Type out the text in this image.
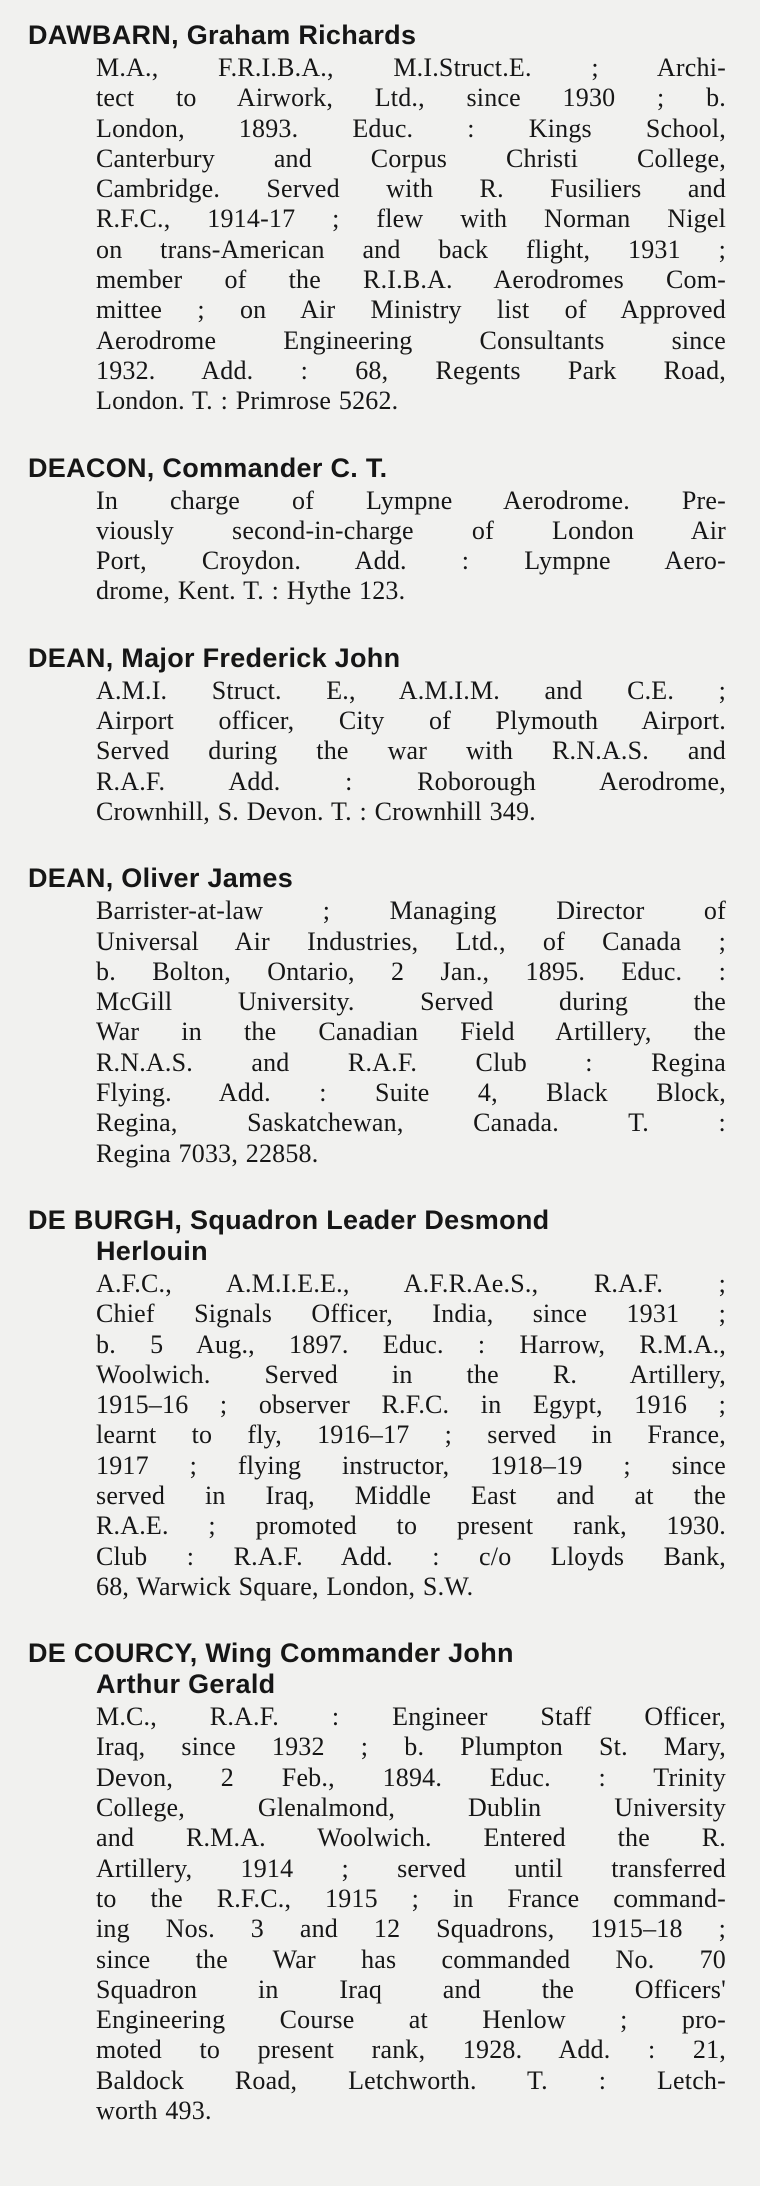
DAWBARN, Graham Richards
M.A., F.R.I.B.A., M.I.Struct.E. ; Archi-
tect to Airwork, Ltd., since 1930 ; b.
London, 1893. Educ. : Kings School,
Canterbury and Corpus Christi College,
Cambridge. Served with R. Fusiliers and
R.F.C., 1914-17 ; flew with Norman Nigel
on trans-American and back flight, 1931 ;
member of the R.I.B.A. Aerodromes Com-
mittee ; on Air Ministry list of Approved
Aerodrome Engineering Consultants since
1932. Add. : 68, Regents Park Road,
London. T. : Primrose 5262.
DEACON, Commander C. T.
In charge of Lympne Aerodrome. Pre-
viously second-in-charge of London Air
Port, Croydon. Add. : Lympne Aero-
drome, Kent. T. : Hythe 123.
DEAN, Major Frederick John
A.M.I. Struct. E., A.M.I.M. and C.E. ;
Airport officer, City of Plymouth Airport.
Served during the war with R.N.A.S. and
R.A.F. Add. : Roborough Aerodrome,
Crownhill, S. Devon. T. : Crownhill 349.
DEAN, Oliver James
Barrister-at-law ; Managing Director of
Universal Air Industries, Ltd., of Canada ;
b. Bolton, Ontario, 2 Jan., 1895. Educ. :
McGill University. Served during the
War in the Canadian Field Artillery, the
R.N.A.S. and R.A.F. Club : Regina
Flying. Add. : Suite 4, Black Block,
Regina, Saskatchewan, Canada. T. :
Regina 7033, 22858.
DE BURGH, Squadron Leader Desmond
Herlouin
A.F.C., A.M.I.E.E., A.F.R.Ae.S., R.A.F. ;
Chief Signals Officer, India, since 1931 ;
b. 5 Aug., 1897. Educ. : Harrow, R.M.A.,
Woolwich. Served in the R. Artillery,
1915–16 ; observer R.F.C. in Egypt, 1916 ;
learnt to fly, 1916–17 ; served in France,
1917 ; flying instructor, 1918–19 ; since
served in Iraq, Middle East and at the
R.A.E. ; promoted to present rank, 1930.
Club : R.A.F. Add. : c/o Lloyds Bank,
68, Warwick Square, London, S.W.
DE COURCY, Wing Commander John
Arthur Gerald
M.C., R.A.F. : Engineer Staff Officer,
Iraq, since 1932 ; b. Plumpton St. Mary,
Devon, 2 Feb., 1894. Educ. : Trinity
College, Glenalmond, Dublin University
and R.M.A. Woolwich. Entered the R.
Artillery, 1914 ; served until transferred
to the R.F.C., 1915 ; in France command-
ing Nos. 3 and 12 Squadrons, 1915–18 ;
since the War has commanded No. 70
Squadron in Iraq and the Officers'
Engineering Course at Henlow ; pro-
moted to present rank, 1928. Add. : 21,
Baldock Road, Letchworth. T. : Letch-
worth 493.
